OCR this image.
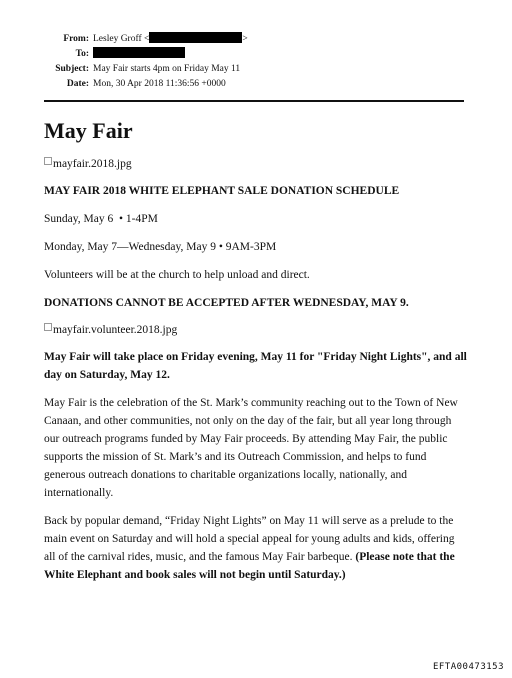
From: Lesley Groff <	>
To:
Subject: May Fair starts 4pm on Friday May 11
Date: Mon, 30 Apr 2018 11:36:56 +0000
May Fair
mayfair.2018.jpg

MAY FAIR 2018 WHITE ELEPHANT SALE DONATION SCHEDULE

Sunday, May 6  • 1-4PM

Monday, May 7—Wednesday, May 9 • 9AM-3PM

Volunteers will be at the church to help unload and direct.

DONATIONS CANNOT BE ACCEPTED AFTER WEDNESDAY, MAY 9.

mayfair.volunteer.2018.jpg

May Fair will take place on Friday evening, May 11 for "Friday Night Lights", and all day on Saturday, May 12.

May Fair is the celebration of the St. Mark’s community reaching out to the Town of New Canaan, and other communities, not only on the day of the fair, but all year long through our outreach programs funded by May Fair proceeds. By attending May Fair, the public supports the mission of St. Mark’s and its Outreach Commission, and helps to fund generous outreach donations to charitable organizations locally, nationally, and internationally.

Back by popular demand, “Friday Night Lights” on May 11 will serve as a prelude to the main event on Saturday and will hold a special appeal for young adults and kids, offering all of the carnival rides, music, and the famous May Fair barbeque. (Please note that the White Elephant and book sales will not begin until Saturday.)

EFTA00473153
